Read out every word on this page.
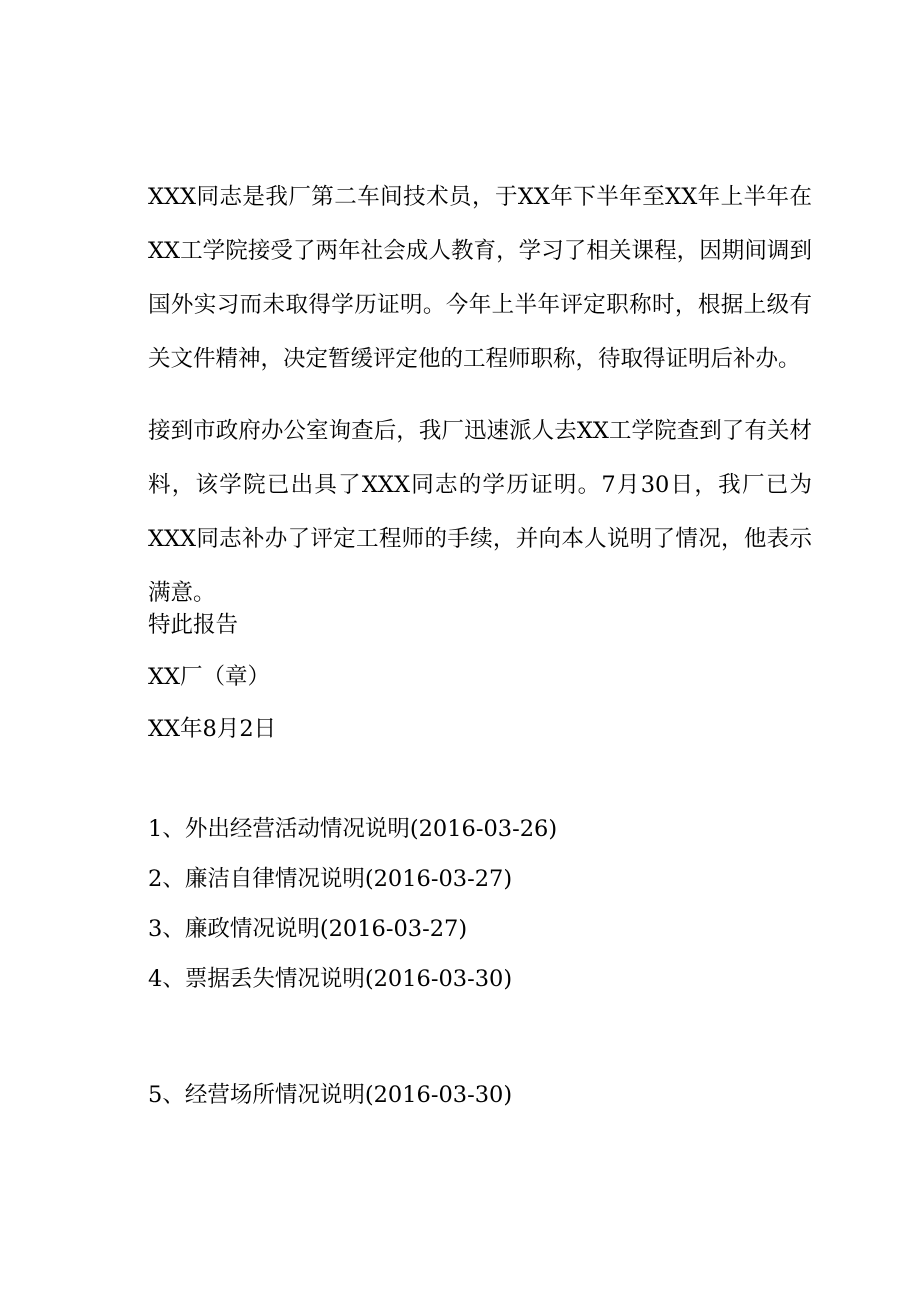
XXX同志是我厂第二车间技术员，于XX年下半年至XX年上半年在XX工学院接受了两年社会成人教育，学习了相关课程，因期间调到国外实习而未取得学历证明。今年上半年评定职称时，根据上级有关文件精神，决定暂缓评定他的工程师职称，待取得证明后补办。

接到市政府办公室询查后，我厂迅速派人去XX工学院查到了有关材料，该学院已出具了XXX同志的学历证明。7月30日，我厂已为XXX同志补办了评定工程师的手续，并向本人说明了情况，他表示满意。

特此报告

XX厂（章）

XX年8月2日

1、外出经营活动情况说明(2016-03-26)

2、廉洁自律情况说明(2016-03-27)

3、廉政情况说明(2016-03-27)

4、票据丢失情况说明(2016-03-30)

5、经营场所情况说明(2016-03-30)
